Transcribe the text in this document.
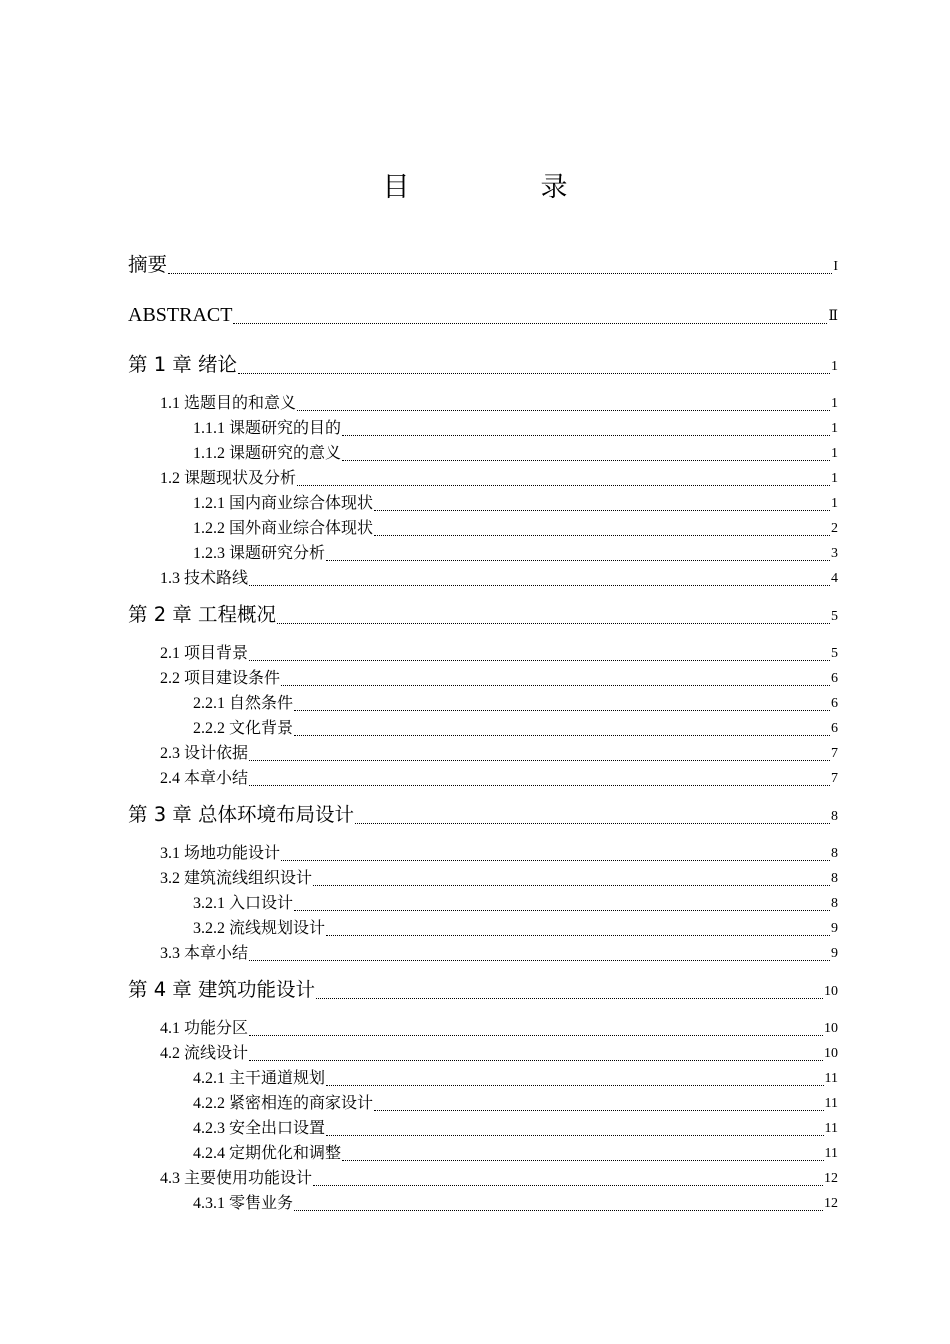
目　录
摘要	I
ABSTRACT	Ⅱ
第 1 章 绪论	1
1.1 选题目的和意义	1
1.1.1 课题研究的目的	1
1.1.2 课题研究的意义	1
1.2 课题现状及分析	1
1.2.1 国内商业综合体现状	1
1.2.2 国外商业综合体现状	2
1.2.3 课题研究分析	3
1.3 技术路线	4
第 2 章 工程概况	5
2.1 项目背景	5
2.2 项目建设条件	6
2.2.1 自然条件	6
2.2.2 文化背景	6
2.3 设计依据	7
2.4 本章小结	7
第 3 章 总体环境布局设计	8
3.1 场地功能设计	8
3.2 建筑流线组织设计	8
3.2.1 入口设计	8
3.2.2 流线规划设计	9
3.3 本章小结	9
第 4 章 建筑功能设计	10
4.1 功能分区	10
4.2 流线设计	10
4.2.1 主干通道规划	11
4.2.2 紧密相连的商家设计	11
4.2.3 安全出口设置	11
4.2.4 定期优化和调整	11
4.3 主要使用功能设计	12
4.3.1 零售业务	12
